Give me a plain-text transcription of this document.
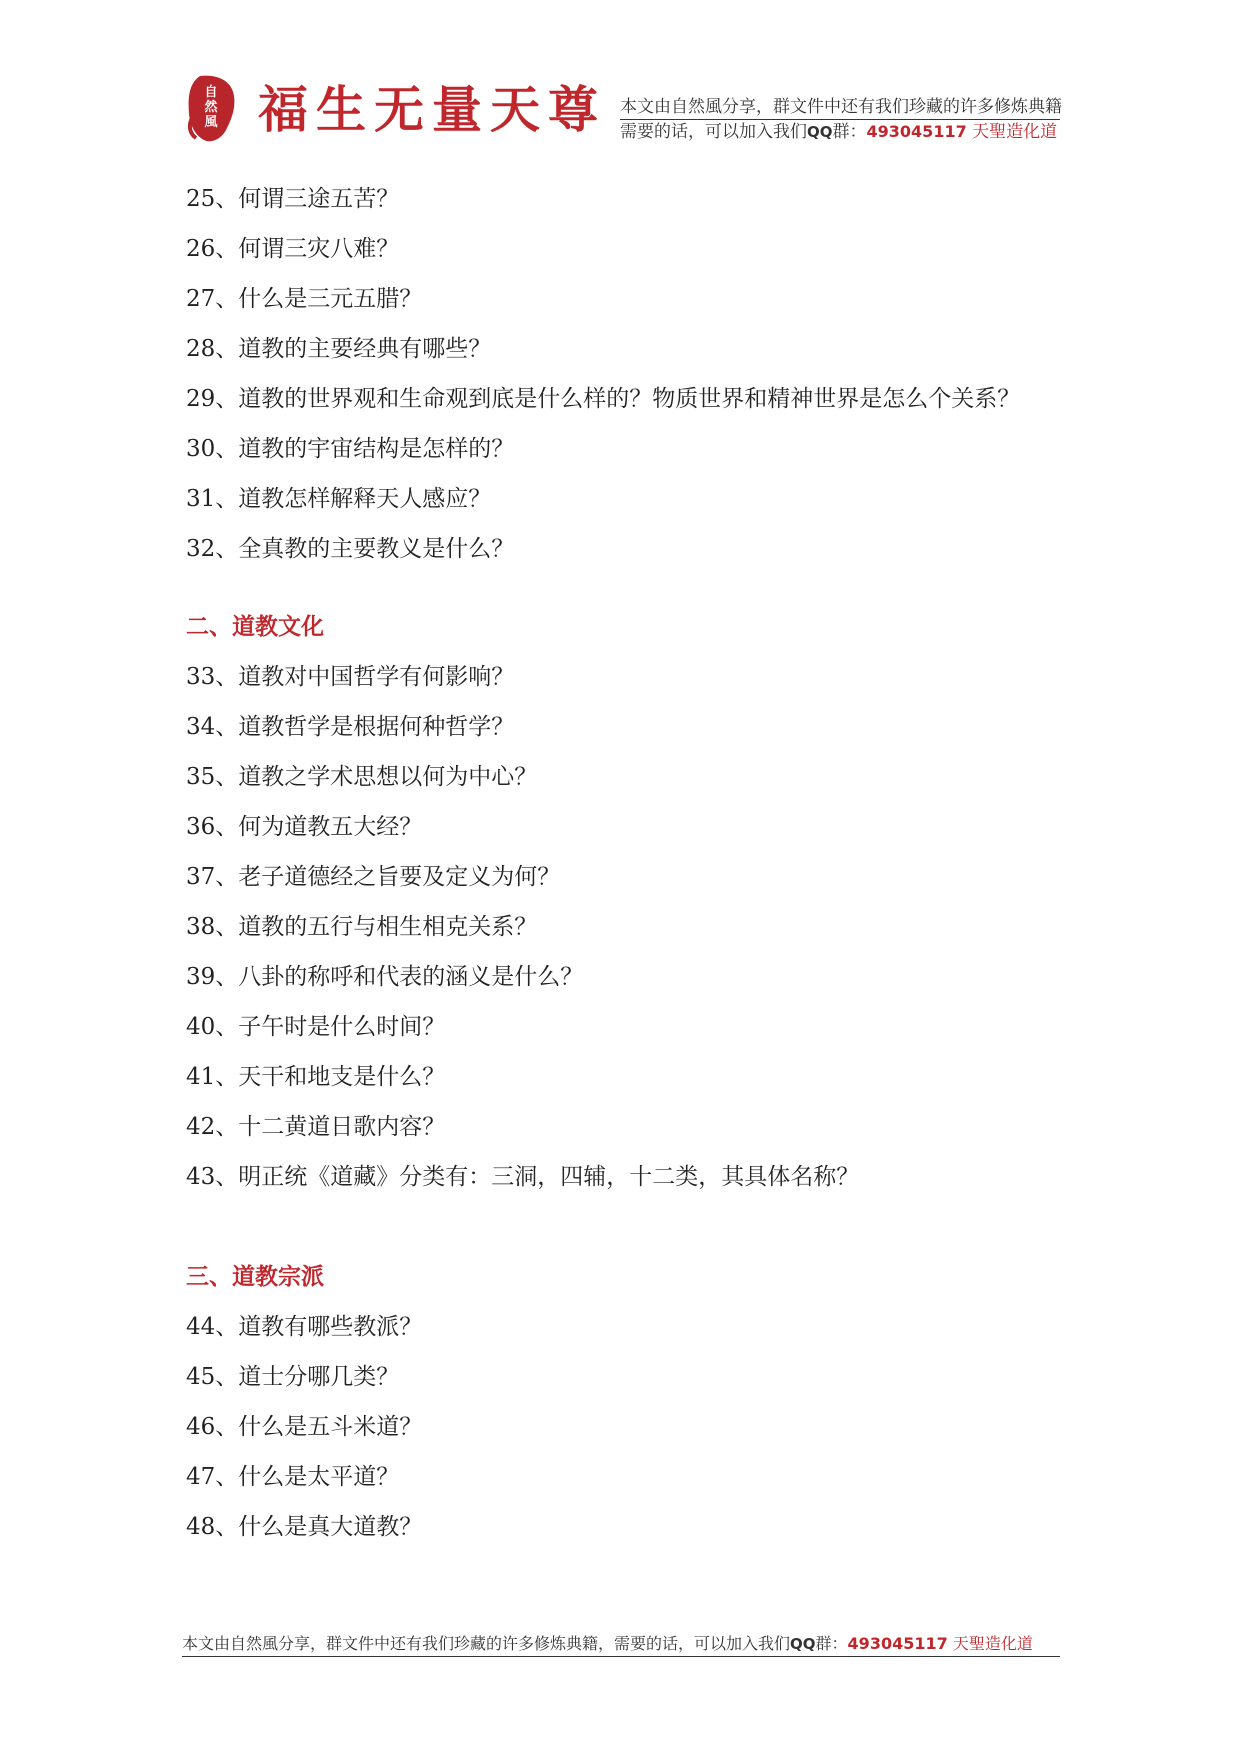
自
然
風 福生无量天尊 本文由自然風分享，群文件中还有我们珍藏的许多修炼典籍
需要的话，可以加入我们QQ群：493045117 天聖造化道
25、何谓三途五苦？
26、何谓三灾八难？
27、什么是三元五腊？
28、道教的主要经典有哪些？
29、道教的世界观和生命观到底是什么样的？物质世界和精神世界是怎么个关系？
30、道教的宇宙结构是怎样的？
31、道教怎样解释天人感应？
32、全真教的主要教义是什么？
二、道教文化
33、道教对中国哲学有何影响？
34、道教哲学是根据何种哲学？
35、道教之学术思想以何为中心？
36、何为道教五大经？
37、老子道德经之旨要及定义为何？
38、道教的五行与相生相克关系？
39、八卦的称呼和代表的涵义是什么？
40、子午时是什么时间？
41、天干和地支是什么？
42、十二黄道日歌内容？
43、明正统《道藏》分类有：三洞，四辅，十二类，其具体名称？
三、道教宗派
44、道教有哪些教派？
45、道士分哪几类？
46、什么是五斗米道？
47、什么是太平道？
48、什么是真大道教？
本文由自然風分享，群文件中还有我们珍藏的许多修炼典籍，需要的话，可以加入我们QQ群：493045117 天聖造化道
